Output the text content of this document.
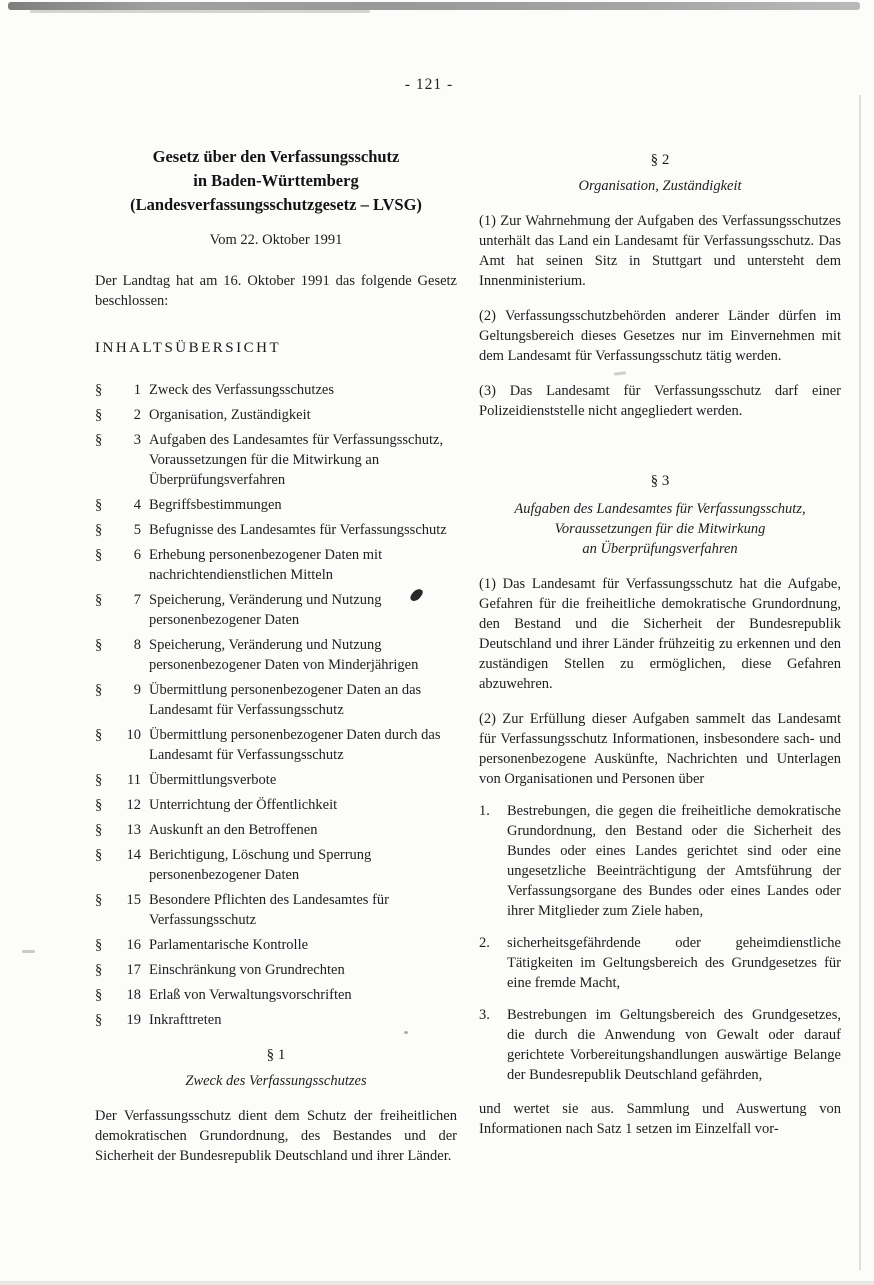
- 121 -
Gesetz über den Verfassungsschutz
in Baden-Württemberg
(Landesverfassungsschutzgesetz – LVSG)
Vom 22. Oktober 1991
Der Landtag hat am 16. Oktober 1991 das folgende Gesetz beschlossen:
INHALTSÜBERSICHT
§	1 Zweck des Verfassungsschutzes
§	2 Organisation, Zuständigkeit
§	3 Aufgaben des Landesamtes für Verfassungsschutz, Voraussetzungen für die Mitwirkung an Überprüfungsverfahren
§	4 Begriffsbestimmungen
§	5 Befugnisse des Landesamtes für Verfassungsschutz
§	6 Erhebung personenbezogener Daten mit nachrichtendienstlichen Mitteln
§	7 Speicherung, Veränderung und Nutzung personenbezogener Daten
§	8 Speicherung, Veränderung und Nutzung personenbezogener Daten von Minderjährigen
§	9 Übermittlung personenbezogener Daten an das Landesamt für Verfassungsschutz
§	10 Übermittlung personenbezogener Daten durch das Landesamt für Verfassungsschutz
§	11 Übermittlungsverbote
§	12 Unterrichtung der Öffentlichkeit
§	13 Auskunft an den Betroffenen
§	14 Berichtigung, Löschung und Sperrung personenbezogener Daten
§	15 Besondere Pflichten des Landesamtes für Verfassungsschutz
§	16 Parlamentarische Kontrolle
§	17 Einschränkung von Grundrechten
§	18 Erlaß von Verwaltungsvorschriften
§	19 Inkrafttreten
§ 1
Zweck des Verfassungsschutzes
Der Verfassungsschutz dient dem Schutz der freiheitlichen demokratischen Grundordnung, des Bestandes und der Sicherheit der Bundesrepublik Deutschland und ihrer Länder.
§ 2
Organisation, Zuständigkeit
(1) Zur Wahrnehmung der Aufgaben des Verfassungsschutzes unterhält das Land ein Landesamt für Verfassungsschutz. Das Amt hat seinen Sitz in Stuttgart und untersteht dem Innenministerium.
(2) Verfassungsschutzbehörden anderer Länder dürfen im Geltungsbereich dieses Gesetzes nur im Einvernehmen mit dem Landesamt für Verfassungsschutz tätig werden.
(3) Das Landesamt für Verfassungsschutz darf einer Polizeidienststelle nicht angegliedert werden.
§ 3
Aufgaben des Landesamtes für Verfassungsschutz,
Voraussetzungen für die Mitwirkung
an Überprüfungsverfahren
(1) Das Landesamt für Verfassungsschutz hat die Aufgabe, Gefahren für die freiheitliche demokratische Grundordnung, den Bestand und die Sicherheit der Bundesrepublik Deutschland und ihrer Länder frühzeitig zu erkennen und den zuständigen Stellen zu ermöglichen, diese Gefahren abzuwehren.
(2) Zur Erfüllung dieser Aufgaben sammelt das Landesamt für Verfassungsschutz Informationen, insbesondere sach- und personenbezogene Auskünfte, Nachrichten und Unterlagen von Organisationen und Personen über
1.	Bestrebungen, die gegen die freiheitliche demokratische Grundordnung, den Bestand oder die Sicherheit des Bundes oder eines Landes gerichtet sind oder eine ungesetzliche Beeinträchtigung der Amtsführung der Verfassungsorgane des Bundes oder eines Landes oder ihrer Mitglieder zum Ziele haben,
2.	sicherheitsgefährdende oder geheimdienstliche Tätigkeiten im Geltungsbereich des Grundgesetzes für eine fremde Macht,
3.	Bestrebungen im Geltungsbereich des Grundgesetzes, die durch die Anwendung von Gewalt oder darauf gerichtete Vorbereitungshandlungen auswärtige Belange der Bundesrepublik Deutschland gefährden,
und wertet sie aus. Sammlung und Auswertung von Informationen nach Satz 1 setzen im Einzelfall vor-
